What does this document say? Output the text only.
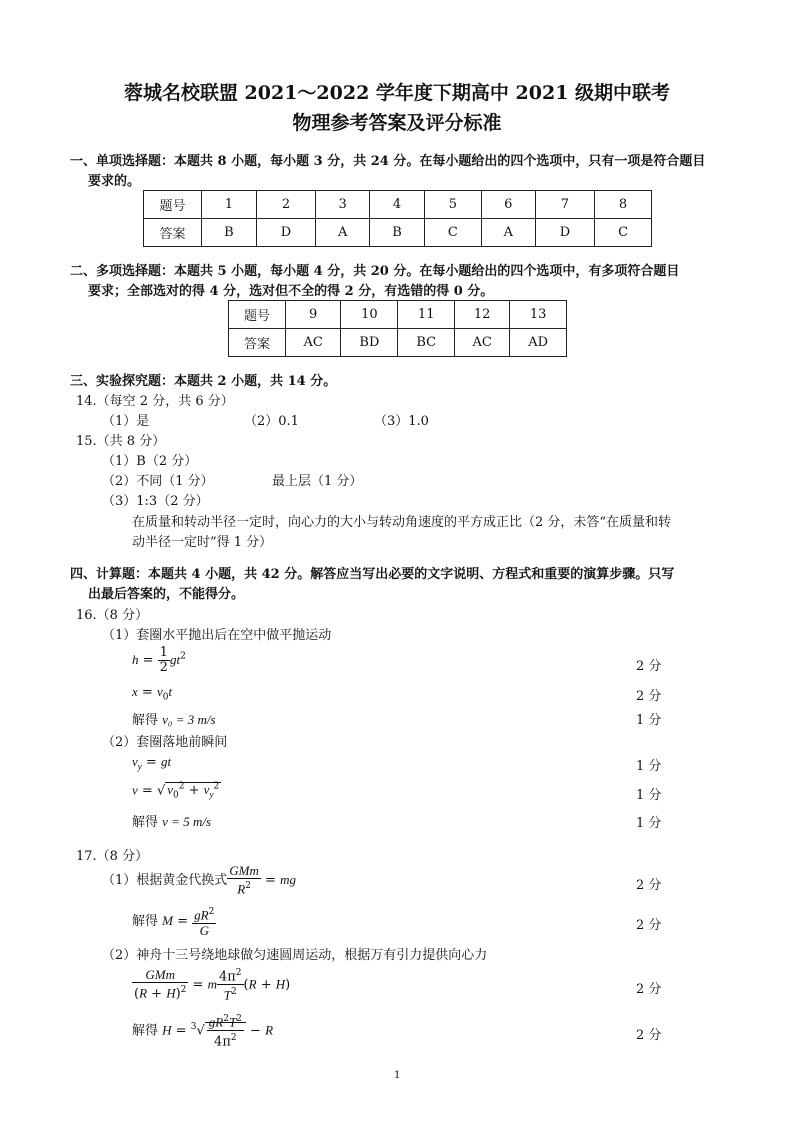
蓉城名校联盟 2021～2022 学年度下期高中 2021 级期中联考
物理参考答案及评分标准
一、单项选择题：本题共 8 小题，每小题 3 分，共 24 分。在每小题给出的四个选项中，只有一项是符合题目
要求的。
题号	1	2	3	4	5	6	7	8
答案	B	D	A	B	C	A	D	C
二、多项选择题：本题共 5 小题，每小题 4 分，共 20 分。在每小题给出的四个选项中，有多项符合题目
要求；全部选对的得 4 分，选对但不全的得 2 分，有选错的得 0 分。
题号	9	10	11	12	13
答案	AC	BD	BC	AC	AD
三、实验探究题：本题共 2 小题，共 14 分。
14.（每空 2 分，共 6 分）
（1）是	（2）0.1	（3）1.0
15.（共 8 分）
（1）B（2 分）
（2）不同（1 分）	最上层（1 分）
（3）1:3（2 分）
在质量和转动半径一定时，向心力的大小与转动角速度的平方成正比（2 分，未答“在质量和转
动半径一定时”得 1 分）
四、计算题：本题共 4 小题，共 42 分。解答应当写出必要的文字说明、方程式和重要的演算步骤。只写
出最后答案的，不能得分。
16.（8 分）
（1）套圈水平抛出后在空中做平抛运动
$h = \frac{1}{2} gt^2$
2 分
$x = v_0t$	2 分
解得 v₀ = 3 m/s	1 分
（2）套圈落地前瞬间
$v_y$ = gt	1 分
v = √ $v_0^2 + v_y^2$
1 分
解得 v = 5 m/s	1 分
17.（8 分）
（1）根据黄金代换式 $\frac{\text{GMm}}{R^2}$ = mg	2 分
解得 $M = \frac{gR^2}{G}$	2 分
（2）神舟十三号绕地球做匀速圆周运动，根据万有引力提供向心力
$\frac{\text{GMm}}{(R + H)^2} = m \frac{4\pi^2}{T^2} (R + H)$	2 分
解得 $H = ^3√ \frac{gR^2T^2}{4\pi^2} - R$	2 分
1
